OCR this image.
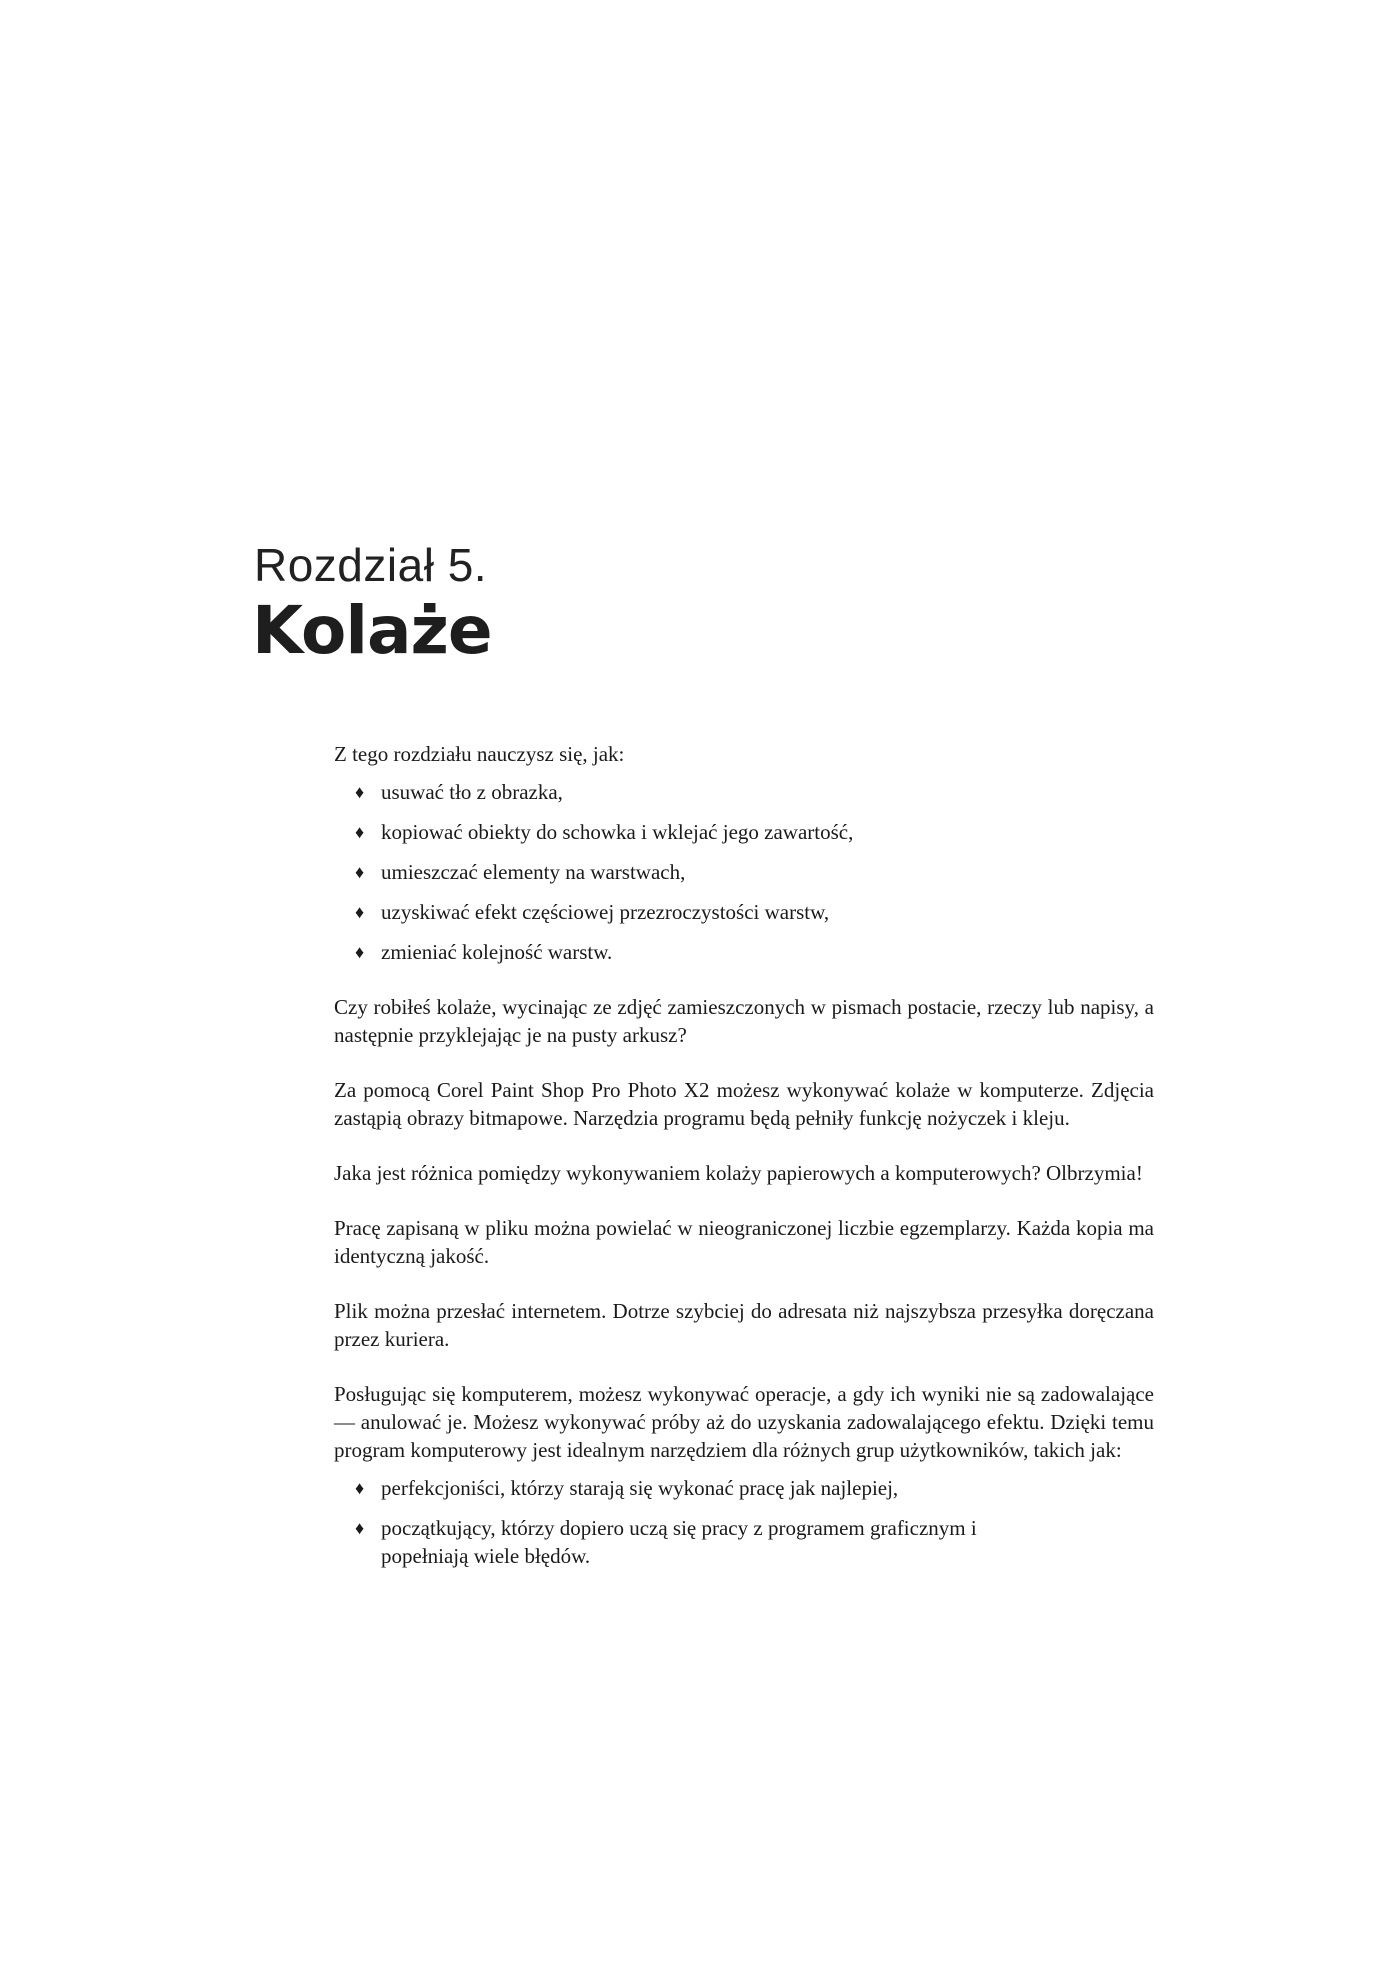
Rozdział 5.
Kolaże

Z tego rozdziału nauczysz się, jak:

♦ usuwać tło z obrazka,
♦ kopiować obiekty do schowka i wklejać jego zawartość,
♦ umieszczać elementy na warstwach,
♦ uzyskiwać efekt częściowej przezroczystości warstw,
♦ zmieniać kolejność warstw.

Czy robiłeś kolaże, wycinając ze zdjęć zamieszczonych w pismach postacie, rzeczy lub napisy, a następnie przyklejając je na pusty arkusz?

Za pomocą Corel Paint Shop Pro Photo X2 możesz wykonywać kolaże w komputerze. Zdjęcia zastąpią obrazy bitmapowe. Narzędzia programu będą pełniły funkcję nożyczek i kleju.

Jaka jest różnica pomiędzy wykonywaniem kolaży papierowych a komputerowych? Olbrzymia!

Pracę zapisaną w pliku można powielać w nieograniczonej liczbie egzemplarzy. Każda kopia ma identyczną jakość.

Plik można przesłać internetem. Dotrze szybciej do adresata niż najszybsza przesyłka doręczana przez kuriera.

Posługując się komputerem, możesz wykonywać operacje, a gdy ich wyniki nie są zadowalające — anulować je. Możesz wykonywać próby aż do uzyskania zadowalającego efektu. Dzięki temu program komputerowy jest idealnym narzędziem dla różnych grup użytkowników, takich jak:

♦ perfekcjoniści, którzy starają się wykonać pracę jak najlepiej,
♦ początkujący, którzy dopiero uczą się pracy z programem graficznym i popełniają wiele błędów.
